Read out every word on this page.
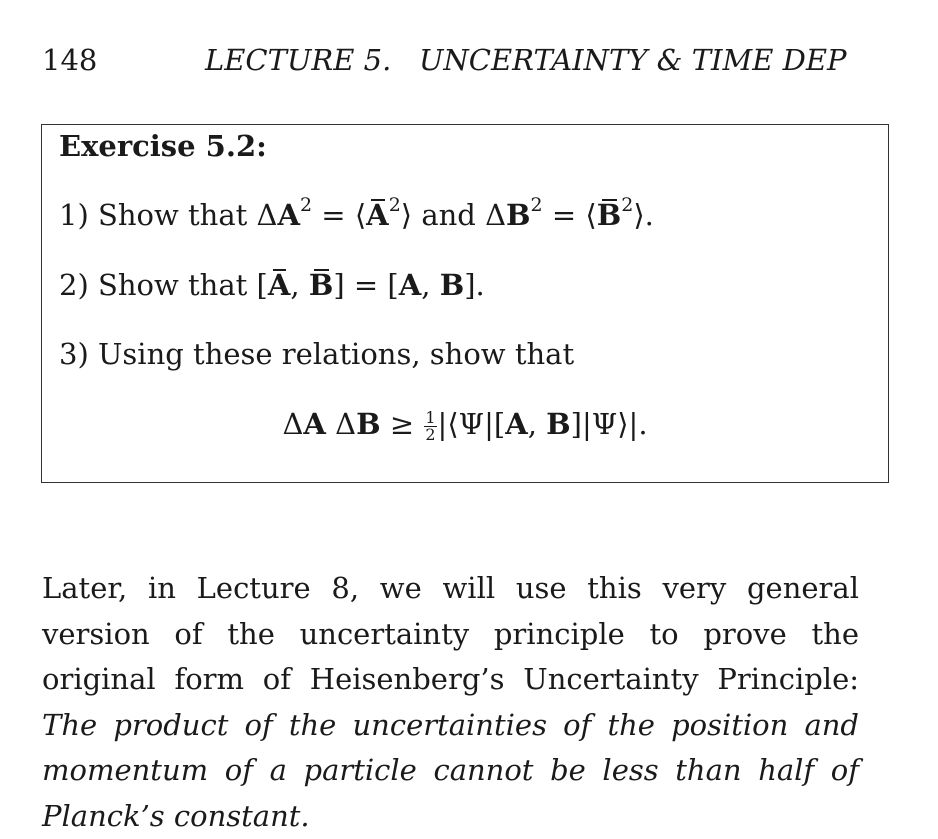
148	LECTURE 5.   UNCERTAINTY & TIME DEP
Exercise 5.2:
1) Show that $\Delta A^2$ = $⟨A^2⟩$ and $\Delta B^2$ = $⟨B^2⟩$.
2) Show that [A, B] = [A, B].
3) Using these relations, show that
ΔA $\Delta B \ge \frac{1}{2}$ |⟨Ψ|[A, B]|Ψ⟩|.
Later, in Lecture 8, we will use this very general version of the uncertainty principle to prove the original form of Heisenberg’s Uncertainty Principle: The product of the uncertainties of the position and momentum of a particle cannot be less than half of Planck’s constant.
